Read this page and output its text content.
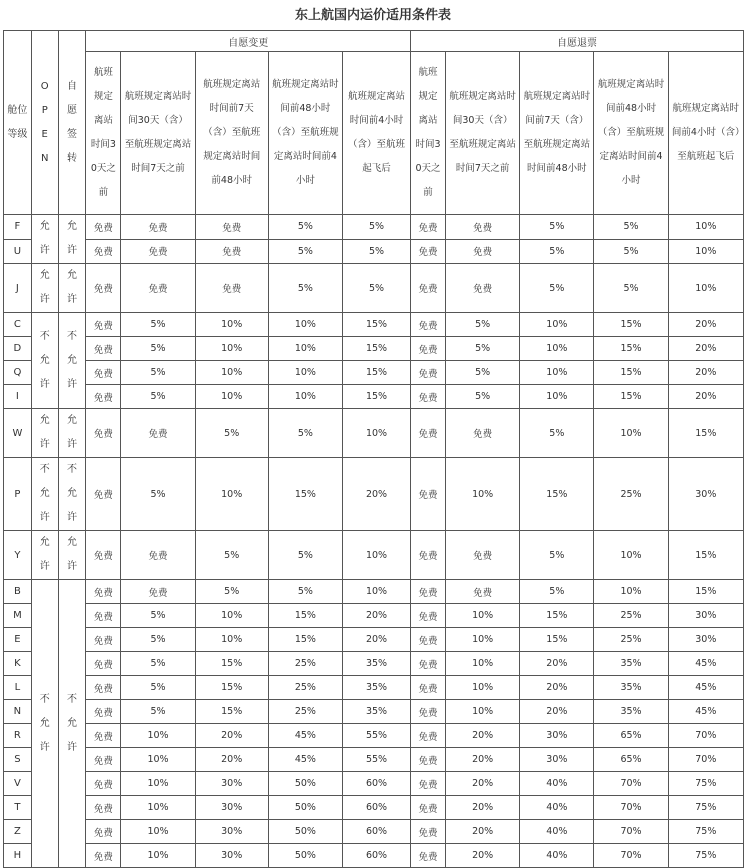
东上航国内运价适用条件表
舱位等级	OPEN	自愿签转	自愿变更					自愿退票				
			航班规定离站时间30天之前	航班规定离站时间30天（含）至航班规定离站时间7天之前	航班规定离站时间前7天（含）至航班规定离站时间前48小时	航班规定离站时间前48小时（含）至航班规定离站时间前4小时	航班规定离站时间前4小时（含）至航班起飞后	航班规定离站时间30天之前	航班规定离站时间30天（含）至航班规定离站时间7天之前	航班规定离站时间前7天（含）至航班规定离站时间前48小时	航班规定离站时间前48小时（含）至航班规定离站时间前4小时	航班规定离站时间前4小时（含）至航班起飞后
F	允许	允许	免费	免费	免费	5%	5%	免费	免费	5%	5%	10%
U			免费	免费	免费	5%	5%	免费	免费	5%	5%	10%
J	允许	允许	免费	免费	免费	5%	5%	免费	免费	5%	5%	10%
C	不允许	不允许	免费	5%	10%	10%	15%	免费	5%	10%	15%	20%
D			免费	5%	10%	10%	15%	免费	5%	10%	15%	20%
Q			免费	5%	10%	10%	15%	免费	5%	10%	15%	20%
I			免费	5%	10%	10%	15%	免费	5%	10%	15%	20%
W	允许	允许	免费	免费	5%	5%	10%	免费	免费	5%	10%	15%
P	不允许	不允许	免费	5%	10%	15%	20%	免费	10%	15%	25%	30%
Y	允许	允许	免费	免费	5%	5%	10%	免费	免费	5%	10%	15%
B	不允许	不允许	免费	免费	5%	5%	10%	免费	免费	5%	10%	15%
M			免费	5%	10%	15%	20%	免费	10%	15%	25%	30%
E			免费	5%	10%	15%	20%	免费	10%	15%	25%	30%
K			免费	5%	15%	25%	35%	免费	10%	20%	35%	45%
L			免费	5%	15%	25%	35%	免费	10%	20%	35%	45%
N			免费	5%	15%	25%	35%	免费	10%	20%	35%	45%
R			免费	10%	20%	45%	55%	免费	20%	30%	65%	70%
S			免费	10%	20%	45%	55%	免费	20%	30%	65%	70%
V			免费	10%	30%	50%	60%	免费	20%	40%	70%	75%
T			免费	10%	30%	50%	60%	免费	20%	40%	70%	75%
Z			免费	10%	30%	50%	60%	免费	20%	40%	70%	75%
H			免费	10%	30%	50%	60%	免费	20%	40%	70%	75%
